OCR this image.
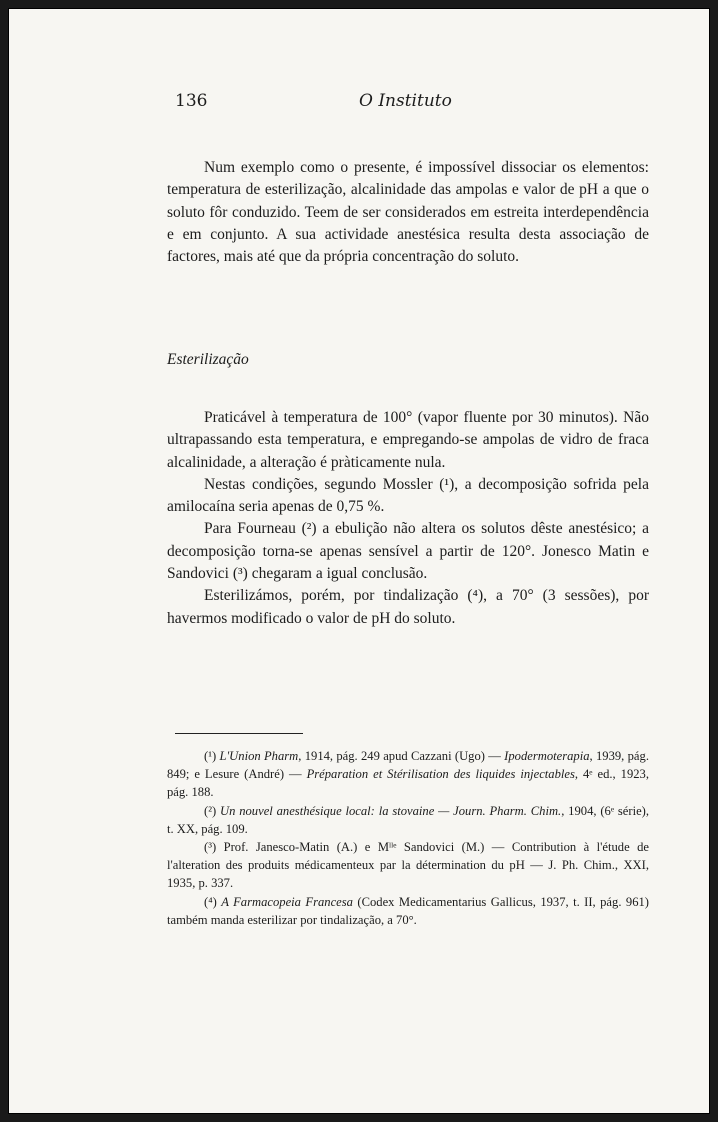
136	O Instituto

Num exemplo como o presente, é impossível dissociar os elementos: temperatura de esterilização, alcalinidade das ampolas e valor de pH a que o soluto fôr conduzido. Teem de ser considerados em estreita interdependência e em conjunto. A sua actividade anestésica resulta desta associação de factores, mais até que da própria concentração do soluto.

Esterilização

Praticável à temperatura de 100° (vapor fluente por 30 minutos). Não ultrapassando esta temperatura, e empregando-se ampolas de vidro de fraca alcalinidade, a alteração é pràticamente nula.

Nestas condições, segundo Mossler (¹), a decomposição sofrida pela amilocaína seria apenas de 0,75 %.

Para Fourneau (²) a ebulição não altera os solutos dêste anestésico; a decomposição torna-se apenas sensível a partir de 120°. Jonesco Matin e Sandovici (³) chegaram a igual conclusão.

Esterilizámos, porém, por tindalização (⁴), a 70° (3 sessões), por havermos modificado o valor de pH do soluto.

(¹) L'Union Pharm, 1914, pág. 249 apud Cazzani (Ugo) — Ipodermoterapia, 1939, pág. 849; e Lesure (André) — Préparation et Stérilisation des liquides injectables, 4ᵉ ed., 1923, pág. 188.

(²) Un nouvel anesthésique local: la stovaine — Journ. Pharm. Chim., 1904, (6ᵉ série), t. XX, pág. 109.

(³) Prof. Janesco-Matin (A.) e Mˡˡᵉ Sandovici (M.) — Contribution à l'étude de l'alteration des produits médicamenteux par la détermination du pH — J. Ph. Chim., XXI, 1935, p. 337.

(⁴) A Farmacopeia Francesa (Codex Medicamentarius Gallicus, 1937, t. II, pág. 961) também manda esterilizar por tindalização, a 70°.
